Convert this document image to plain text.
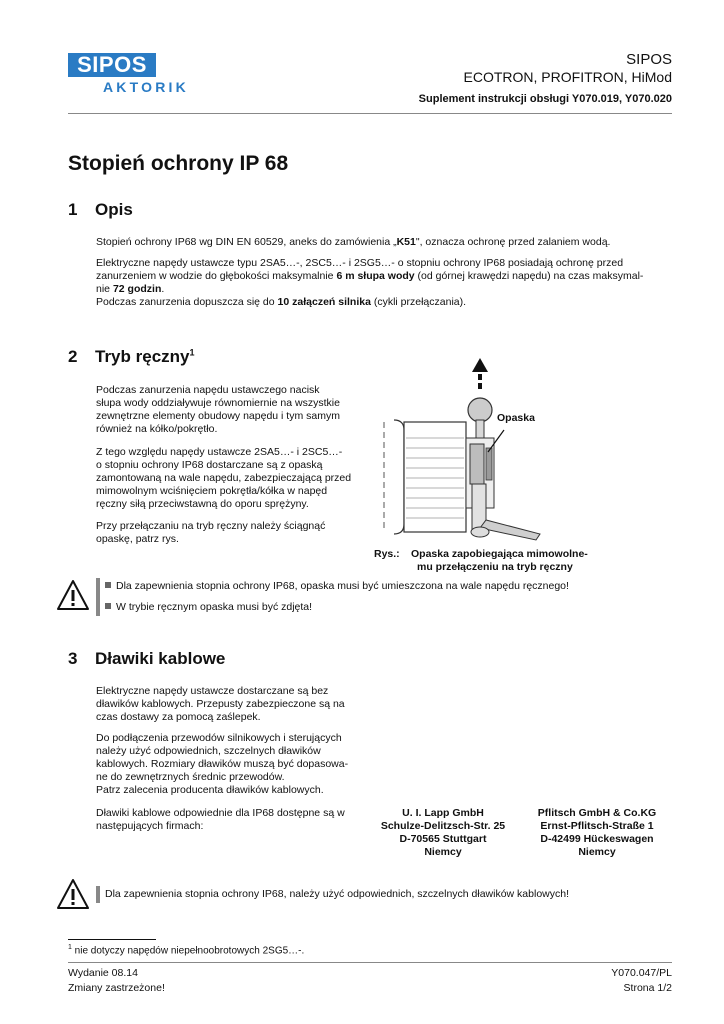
SIPOS
AKTORIK
SIPOS
ECOTRON, PROFITRON, HiMod
Suplement instrukcji obsługi Y070.019, Y070.020
Stopień ochrony IP 68
1 Opis
Stopień ochrony IP68 wg DIN EN 60529, aneks do zamówienia „K51", oznacza ochronę przed zalaniem wodą.
Elektryczne napędy ustawcze typu 2SA5…-, 2SC5…- i 2SG5…- o stopniu ochrony IP68 posiadają ochronę przed
zanurzeniem w wodzie do głębokości maksymalnie 6 m słupa wody (od górnej krawędzi napędu) na czas maksymal-
nie 72 godzin.
Podczas zanurzenia dopuszcza się do 10 załączeń silnika (cykli przełączania).
2 Tryb ręczny$^1$
Podczas zanurzenia napędu ustawczego nacisk
słupa wody oddziaływuje równomiernie na wszystkie
zewnętrzne elementy obudowy napędu i tym samym
również na kółko/pokrętło.
Z tego względu napędy ustawcze 2SA5…- i 2SC5…-
o stopniu ochrony IP68 dostarczane są z opaską
zamontowaną na wale napędu, zabezpieczającą przed
mimowolnym wciśnięciem pokrętła/kółka w napęd
ręczny siłą przeciwstawną do oporu sprężyny.
Przy przełączaniu na tryb ręczny należy ściągnąć
opaskę, patrz rys.
Opaska
Rys.: Opaska zapobiegająca mimowolne-
mu przełączeniu na tryb ręczny
Dla zapewnienia stopnia ochrony IP68, opaska musi być umieszczona na wale napędu ręcznego!
W trybie ręcznym opaska musi być zdjęta!
3 Dławiki kablowe
Elektryczne napędy ustawcze dostarczane są bez
dławików kablowych. Przepusty zabezpieczone są na
czas dostawy za pomocą zaślepek.
Do podłączenia przewodów silnikowych i sterujących
należy użyć odpowiednich, szczelnych dławików
kablowych. Rozmiary dławików muszą być dopasowa-
ne do zewnętrznych średnic przewodów.
Patrz zalecenia producenta dławików kablowych.
Dławiki kablowe odpowiednie dla IP68 dostępne są w
następujących firmach:
U. I. Lapp GmbH
Schulze-Delitzsch-Str. 25
D-70565 Stuttgart
Niemcy
Pflitsch GmbH & Co.KG
Ernst-Pflitsch-Straße 1
D-42499 Hückeswagen
Niemcy
Dla zapewnienia stopnia ochrony IP68, należy użyć odpowiednich, szczelnych dławików kablowych!
$^1$ nie dotyczy napędów niepełnoobrotowych 2SG5…-.
Wydanie 08.14
Zmiany zastrzeżone!
Y070.047/PL
Strona 1/2
